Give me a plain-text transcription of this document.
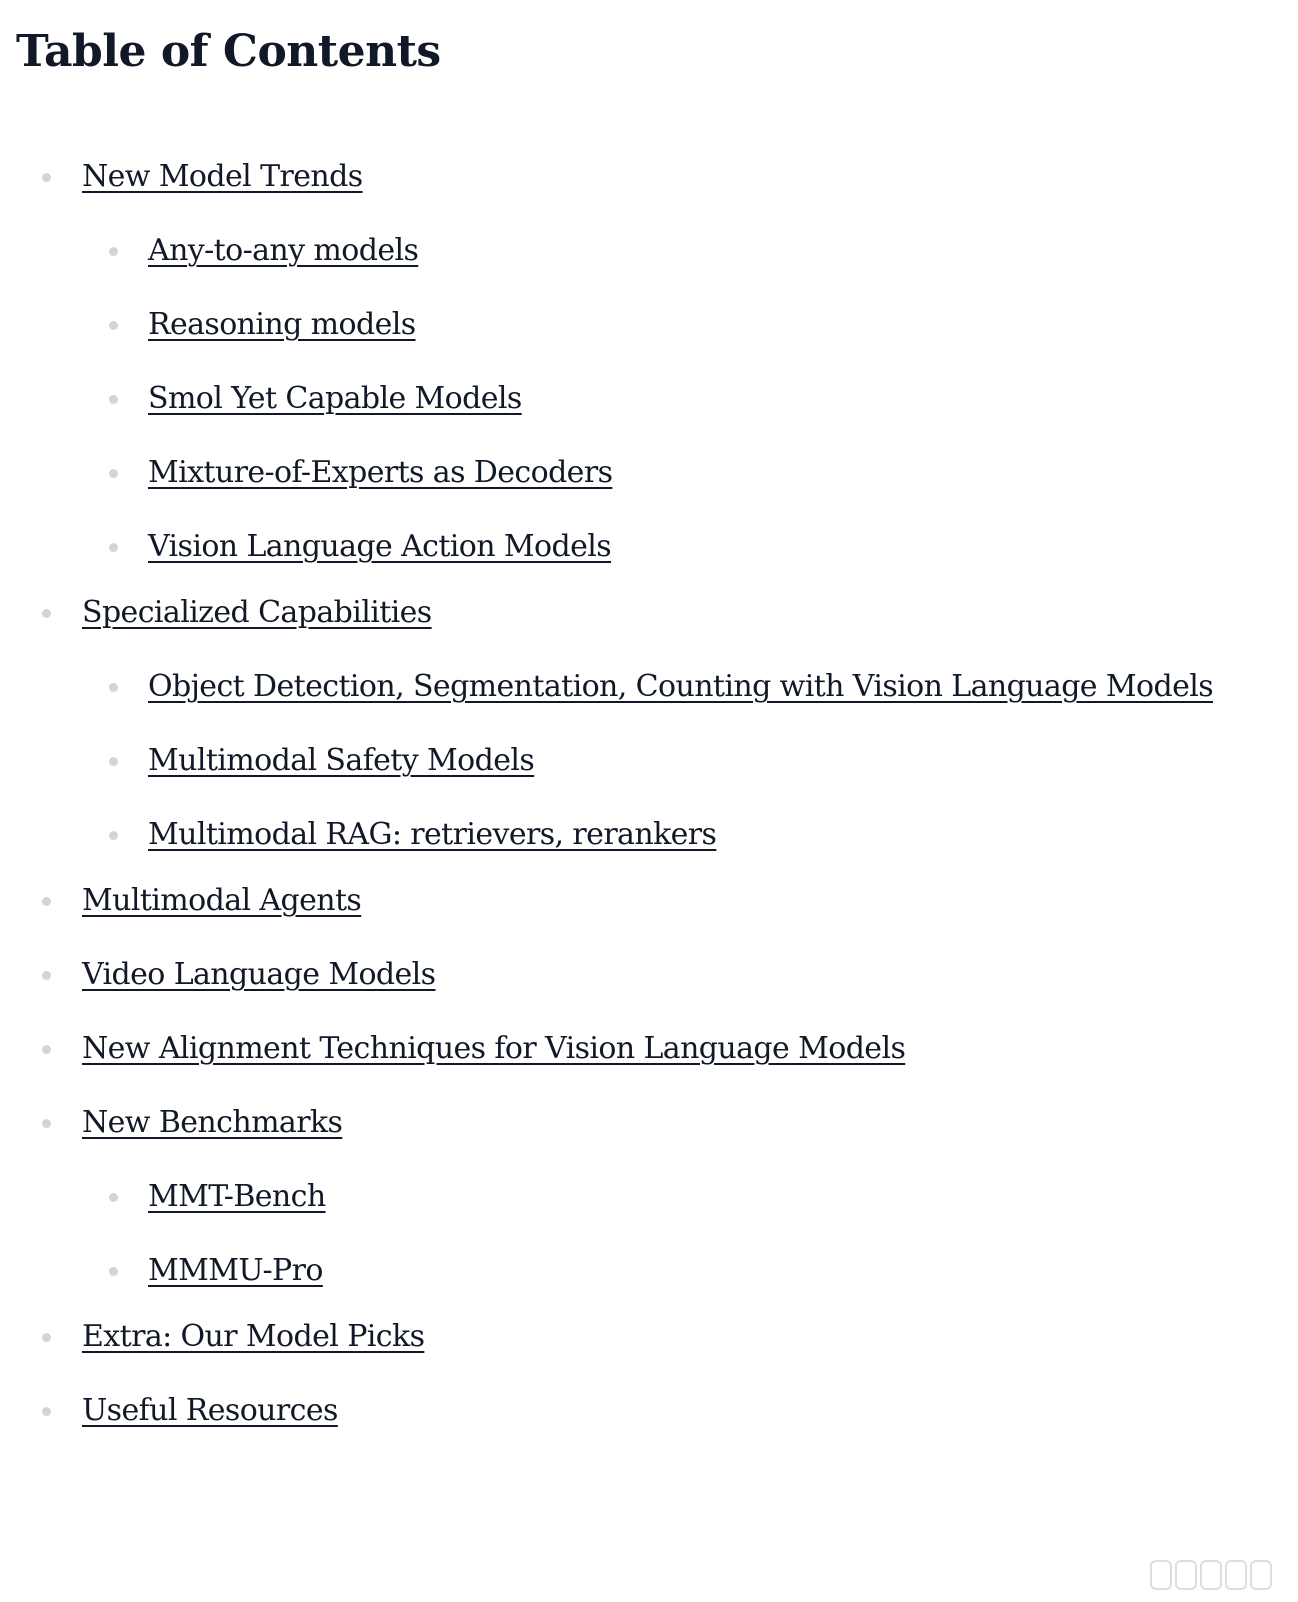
Table of Contents
New Model Trends
Any-to-any models
Reasoning models
Smol Yet Capable Models
Mixture-of-Experts as Decoders
Vision Language Action Models
Specialized Capabilities
Object Detection, Segmentation, Counting with Vision Language Models
Multimodal Safety Models
Multimodal RAG: retrievers, rerankers
Multimodal Agents
Video Language Models
New Alignment Techniques for Vision Language Models
New Benchmarks
MMT-Bench
MMMU-Pro
Extra: Our Model Picks
Useful Resources
